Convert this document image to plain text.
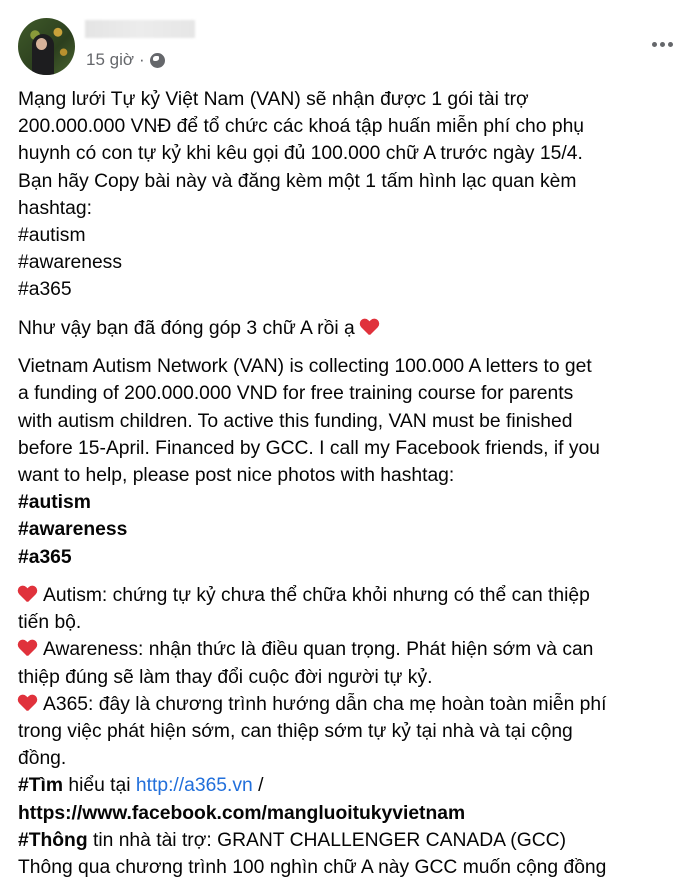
15 giờ ·
Mạng lưới Tự kỷ Việt Nam (VAN) sẽ nhận được 1 gói tài trợ
200.000.000 VNĐ để tổ chức các khoá tập huấn miễn phí cho phụ
huynh có con tự kỷ khi kêu gọi đủ 100.000 chữ A trước ngày 15/4.
Bạn hãy Copy bài này và đăng kèm một 1 tấm hình lạc quan kèm
hashtag:
#autism
#awareness
#a365
Như vậy bạn đã đóng góp 3 chữ A rồi ạ
Vietnam Autism Network (VAN) is collecting 100.000 A letters to get
a funding of 200.000.000 VND for free training course for parents
with autism children. To active this funding, VAN must be finished
before 15-April. Financed by GCC. I call my Facebook friends, if you
want to help, please post nice photos with hashtag:
#autism
#awareness
#a365
Autism: chứng tự kỷ chưa thể chữa khỏi nhưng có thể can thiệp
tiến bộ.
Awareness: nhận thức là điều quan trọng. Phát hiện sớm và can
thiệp đúng sẽ làm thay đổi cuộc đời người tự kỷ.
A365: đây là chương trình hướng dẫn cha mẹ hoàn toàn miễn phí
trong việc phát hiện sớm, can thiệp sớm tự kỷ tại nhà và tại cộng
đồng.
#Tìm hiểu tại http://a365.vn /
https://www.facebook.com/mangluoitukyvietnam
#Thông tin nhà tài trợ: GRANT CHALLENGER CANADA (GCC)
Thông qua chương trình 100 nghìn chữ A này GCC muốn cộng đồng
